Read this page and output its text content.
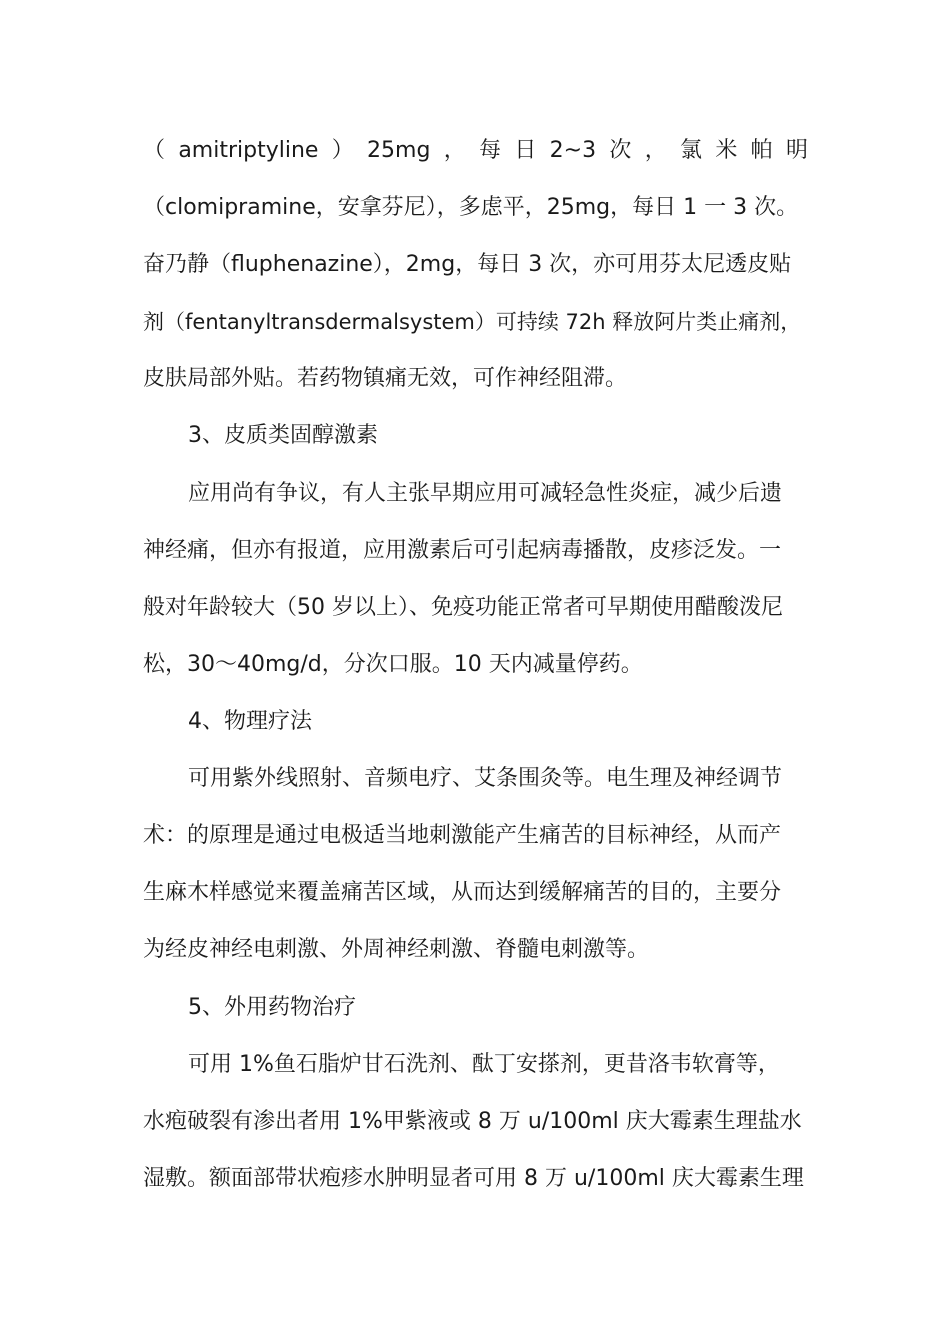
（ amitriptyline ） 25mg ， 每 日 2~3 次 ， 氯 米 帕 明
（clomipramine，安拿芬尼），多虑平，25mg，每日 1 一 3 次。
奋乃静（fluphenazine），2mg，每日 3 次，亦可用芬太尼透皮贴
剂（fentanyltransdermalsystem）可持续 72h 释放阿片类止痛剂，
皮肤局部外贴。若药物镇痛无效，可作神经阻滞。
3、皮质类固醇激素
应用尚有争议，有人主张早期应用可减轻急性炎症，减少后遗
神经痛，但亦有报道，应用激素后可引起病毒播散，皮疹泛发。一
般对年龄较大（50 岁以上）、免疫功能正常者可早期使用醋酸泼尼
松，30～40mg/d，分次口服。10 天内减量停药。
4、物理疗法
可用紫外线照射、音频电疗、艾条围灸等。电生理及神经调节
术：的原理是通过电极适当地刺激能产生痛苦的目标神经，从而产
生麻木样感觉来覆盖痛苦区域，从而达到缓解痛苦的目的，主要分
为经皮神经电刺激、外周神经刺激、脊髓电刺激等。
5、外用药物治疗
可用 1%鱼石脂炉甘石洗剂、酞丁安搽剂，更昔洛韦软膏等，
水疱破裂有渗出者用 1%甲紫液或 8 万 u/100ml 庆大霉素生理盐水
湿敷。额面部带状疱疹水肿明显者可用 8 万 u/100ml 庆大霉素生理
